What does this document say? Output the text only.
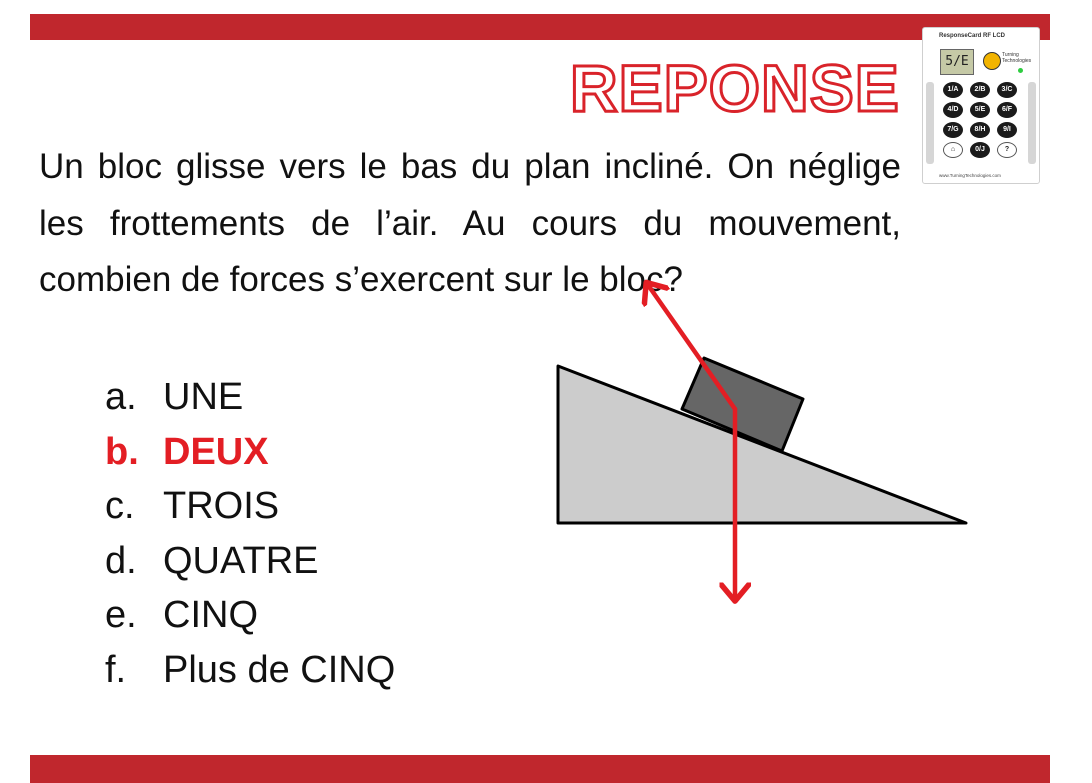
REPONSE
ResponseCard RF LCD
5/E	Turning Technologies
1/A	2/B	3/C
4/D	5/E	6/F
7/G	8/H	9/I
⌂	0/J	?
www.TurningTechnologies.com
Un bloc glisse vers le bas du plan incliné. On néglige les frottements de l’air. Au cours du mouvement, combien de forces s’exercent sur le bloc?
a. UNE
b. DEUX
c. TROIS
d. QUATRE
e. CINQ
f. Plus de CINQ
